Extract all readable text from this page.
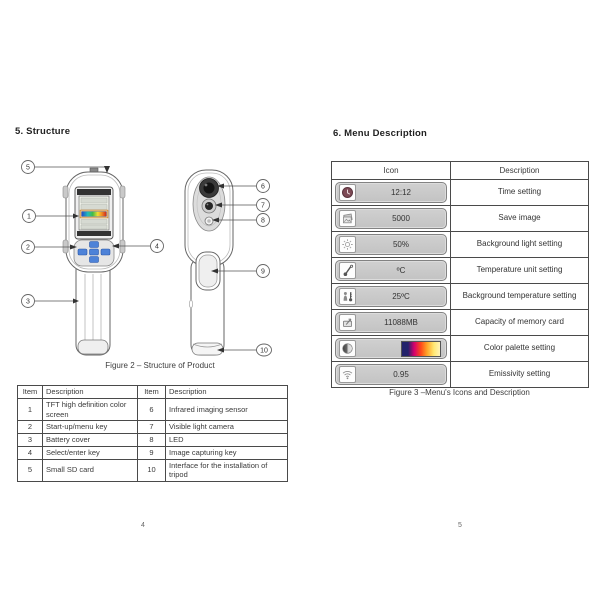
5. Structure
5
1
2
3
4
6
7
8
9
10
Figure 2 – Structure of Product
Item	Description	Item	Description
1	TFT high definition color screen	6	Infrared imaging sensor
2	Start-up/menu key	7	Visible light camera
3	Battery cover	8	LED
4	Select/enter key	9	Image capturing key
5	Small SD card	10	Interface for the installation of tripod
4
6. Menu Description
Icon	Description

12:12	Time setting

5000	Save image

50%	Background light setting

ºC	Temperature unit setting

25ºC	Background temperature setting

11088MB	Capacity of memory card

	Color palette setting

0.95	Emissivity setting
Figure 3 –Menu's Icons and Description
5
